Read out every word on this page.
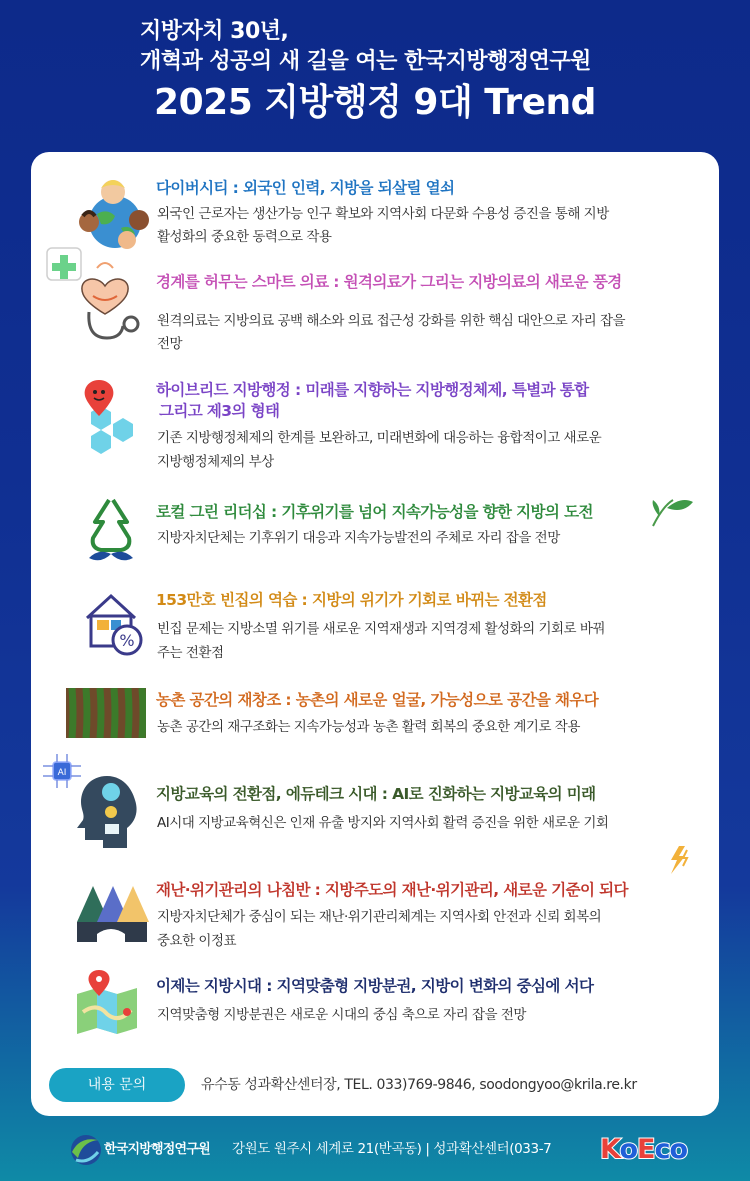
지방자치 30년,
개혁과 성공의 새 길을 여는 한국지방행정연구원
2025 지방행정 9대 Trend
다이버시티 : 외국인 인력, 지방을 되살릴 열쇠
외국인 근로자는 생산가능 인구 확보와 지역사회 다문화 수용성 증진을 통해 지방
활성화의 중요한 동력으로 작용
경계를 허무는 스마트 의료 : 원격의료가 그리는 지방의료의 새로운 풍경
원격의료는 지방의료 공백 해소와 의료 접근성 강화를 위한 핵심 대안으로 자리 잡을
전망
하이브리드 지방행정 : 미래를 지향하는 지방행정체제, 특별과 통합
그리고 제3의 형태
기존 지방행정체제의 한계를 보완하고, 미래변화에 대응하는 융합적이고 새로운
지방행정체제의 부상
로컬 그린 리더십 : 기후위기를 넘어 지속가능성을 향한 지방의 도전
지방자치단체는 기후위기 대응과 지속가능발전의 주체로 자리 잡을 전망
%
153만호 빈집의 역습 : 지방의 위기가 기회로 바뀌는 전환점
빈집 문제는 지방소멸 위기를 새로운 지역재생과 지역경제 활성화의 기회로 바꿔
주는 전환점
농촌 공간의 재창조 : 농촌의 새로운 얼굴, 가능성으로 공간을 채우다
농촌 공간의 재구조화는 지속가능성과 농촌 활력 회복의 중요한 계기로 작용
AI
지방교육의 전환점, 에듀테크 시대 : AI로 진화하는 지방교육의 미래
AI시대 지방교육혁신은 인재 유출 방지와 지역사회 활력 증진을 위한 새로운 기회
재난·위기관리의 나침반 : 지방주도의 재난·위기관리, 새로운 기준이 되다
지방자치단체가 중심이 되는 재난·위기관리체계는 지역사회 안전과 신뢰 회복의
중요한 이정표
이제는 지방시대 : 지역맞춤형 지방분권, 지방이 변화의 중심에 서다
지역맞춤형 지방분권은 새로운 시대의 중심 축으로 자리 잡을 전망
내용 문의	유수동 성과확산센터장, TEL. 033)769-9846, soodongyoo@krila.re.kr
한국지방행정연구원 강원도 원주시 세계로 21(반곡동) | 성과확산센터(033-7 KoEco
